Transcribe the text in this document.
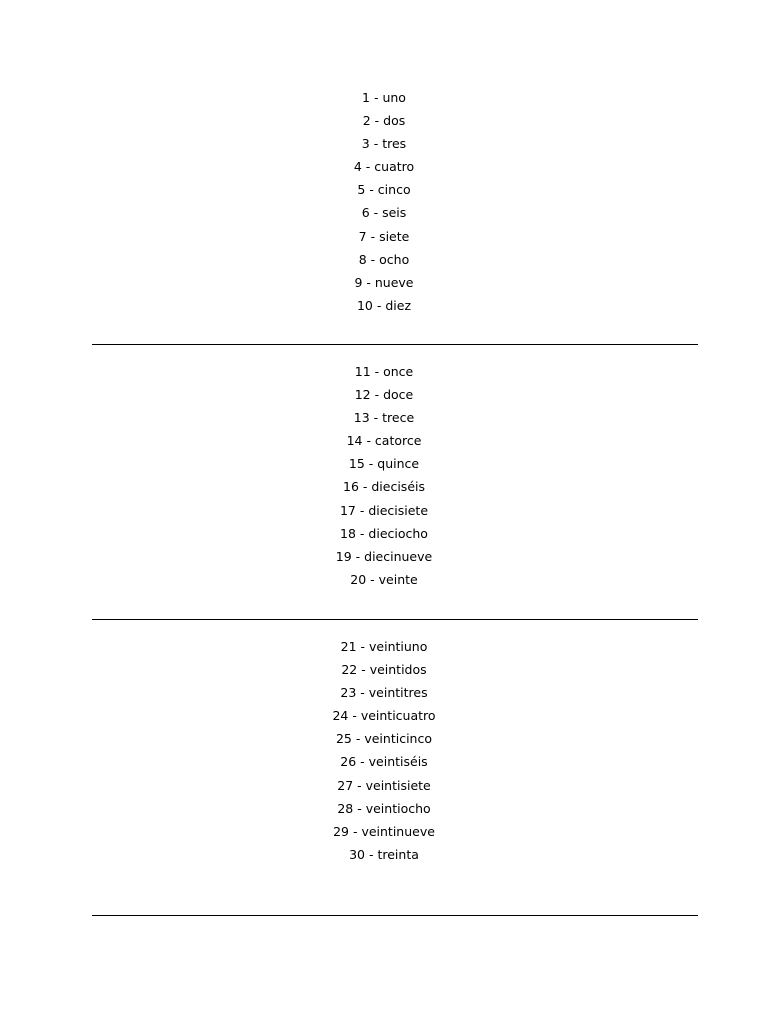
1 - uno
2 - dos
3 - tres
4 - cuatro
5 - cinco
6 - seis
7 - siete
8 - ocho
9 - nueve
10 - diez
11 - once
12 - doce
13 - trece
14 - catorce
15 - quince
16 - dieciséis
17 - diecisiete
18 - dieciocho
19 - diecinueve
20 - veinte
21 - veintiuno
22 - veintidos
23 - veintitres
24 - veinticuatro
25 - veinticinco
26 - veintiséis
27 - veintisiete
28 - veintiocho
29 - veintinueve
30 - treinta
